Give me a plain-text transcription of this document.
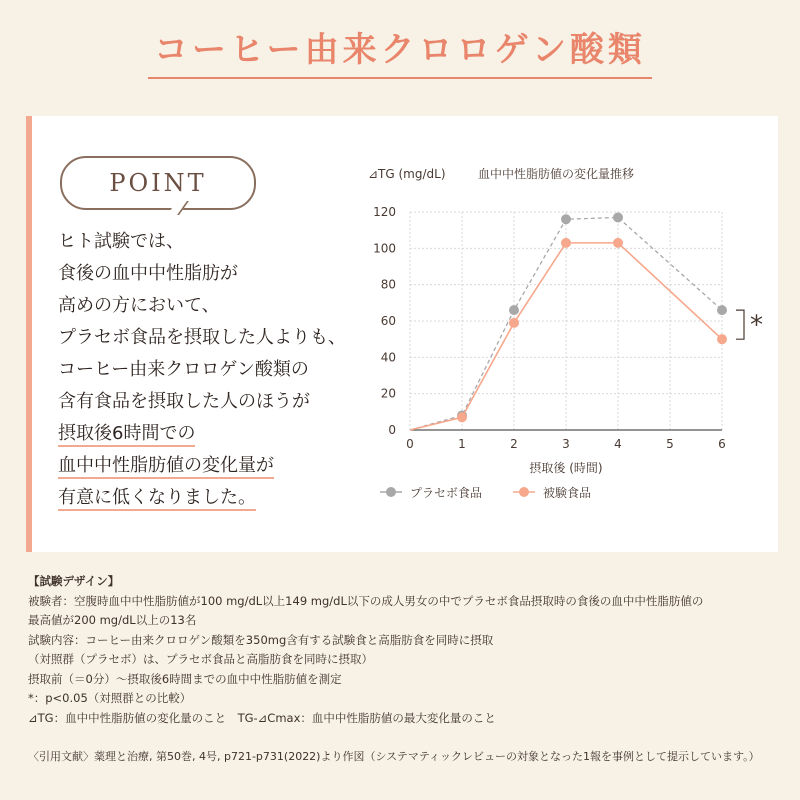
コーヒー由来クロロゲン酸類
POINT
ヒト試験では、
食後の血中中性脂肪が
高めの方において、
プラセボ食品を摂取した人よりも、
コーヒー由来クロロゲン酸類の
含有食品を摂取した人のほうが
摂取後6時間での
血中中性脂肪値の変化量が
有意に低くなりました。
⊿TG (mg/dL)	血中中性脂肪値の変化量推移
0
20
40
60
80
100
120
0	1	2	3	4	5	6
*
摂取後 (時間)
プラセボ食品	被験食品
【試験デザイン】
被験者：空腹時血中中性脂肪値が100 mg/dL以上149 mg/dL以下の成人男女の中でプラセボ食品摂取時の食後の血中中性脂肪値の
最高値が200 mg/dL以上の13名
試験内容：コーヒー由来クロロゲン酸類を350mg含有する試験食と高脂肪食を同時に摂取
（対照群（プラセボ）は、プラセボ食品と高脂肪食を同時に摂取）
摂取前（＝0分）～摂取後6時間までの血中中性脂肪値を測定
*：p<0.05（対照群との比較）
⊿TG：血中中性脂肪値の変化量のこと　TG-⊿Cmax：血中中性脂肪値の最大変化量のこと
〈引用文献〉薬理と治療, 第50巻, 4号, p721-p731(2022)より作図（システマティックレビューの対象となった1報を事例として提示しています。）
